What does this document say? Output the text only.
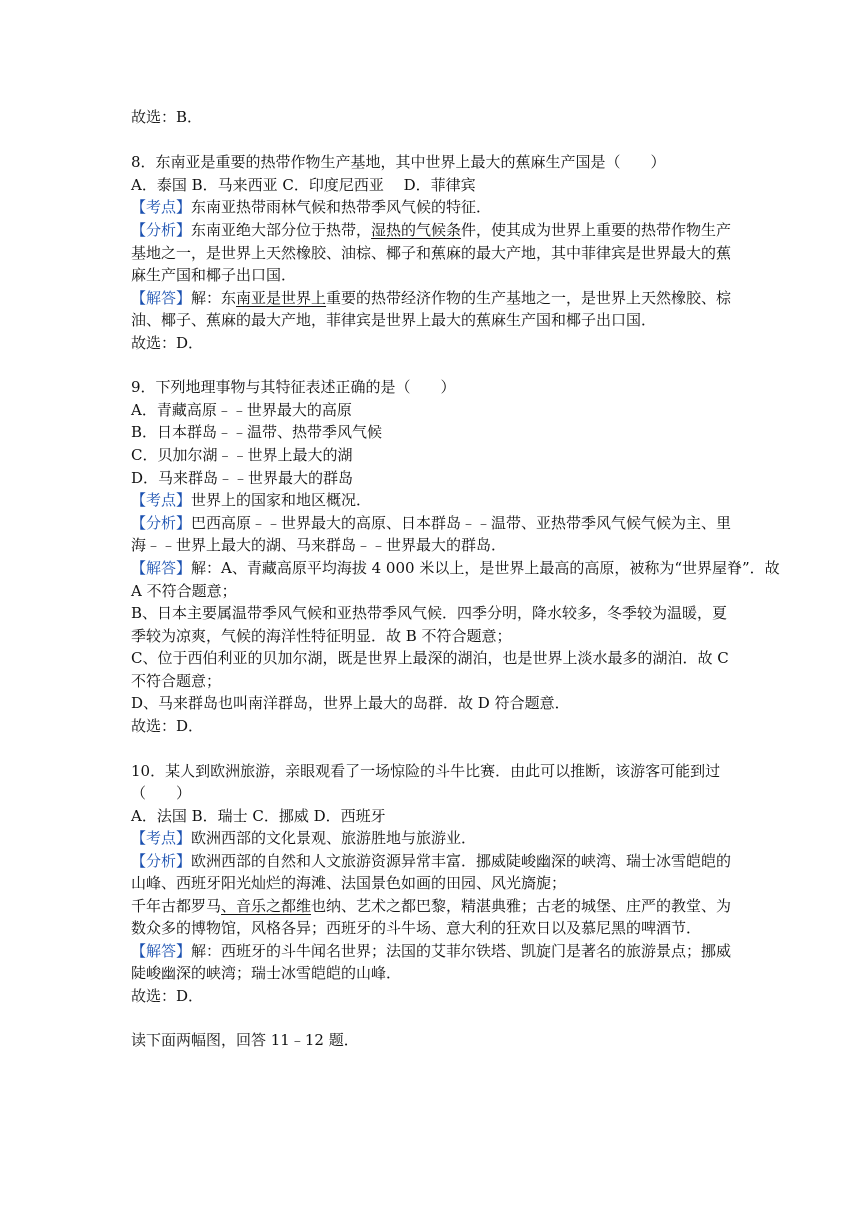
故选：B．
8．东南亚是重要的热带作物生产基地，其中世界上最大的蕉麻生产国是（　　）
A．泰国 B．马来西亚 C．印度尼西亚　 D．菲律宾
【考点】东南亚热带雨林气候和热带季风气候的特征．
【分析】东南亚绝大部分位于热带，湿热的气候条件，使其成为世界上重要的热带作物生产
基地之一，是世界上天然橡胶、油棕、椰子和蕉麻的最大产地，其中菲律宾是世界最大的蕉
麻生产国和椰子出口国．
【解答】解：东南亚是世界上重要的热带经济作物的生产基地之一，是世界上天然橡胶、棕
油、椰子、蕉麻的最大产地，菲律宾是世界上最大的蕉麻生产国和椰子出口国．
故选：D．
9．下列地理事物与其特征表述正确的是（　　）
A．青藏高原﹣﹣世界最大的高原
B．日本群岛﹣﹣温带、热带季风气候
C．贝加尔湖﹣﹣世界上最大的湖
D．马来群岛﹣﹣世界最大的群岛
【考点】世界上的国家和地区概况．
【分析】巴西高原﹣﹣世界最大的高原、日本群岛﹣﹣温带、亚热带季风气候气候为主、里
海﹣﹣世界上最大的湖、马来群岛﹣﹣世界最大的群岛．
【解答】解：A、青藏高原平均海拔 4 000 米以上，是世界上最高的高原，被称为“世界屋脊”．故
A 不符合题意；
B、日本主要属温带季风气候和亚热带季风气候．四季分明，降水较多，冬季较为温暖，夏
季较为凉爽，气候的海洋性特征明显．故 B 不符合题意；
C、位于西伯利亚的贝加尔湖，既是世界上最深的湖泊，也是世界上淡水最多的湖泊．故 C
不符合题意；
D、马来群岛也叫南洋群岛，世界上最大的岛群．故 D 符合题意．
故选：D．
10．某人到欧洲旅游，亲眼观看了一场惊险的斗牛比赛．由此可以推断，该游客可能到过
（　　）
A．法国 B．瑞士 C．挪威 D．西班牙
【考点】欧洲西部的文化景观、旅游胜地与旅游业．
【分析】欧洲西部的自然和人文旅游资源异常丰富．挪威陡峻幽深的峡湾、瑞士冰雪皑皑的
山峰、西班牙阳光灿烂的海滩、法国景色如画的田园、风光旖旎；
千年古都罗马、音乐之都维也纳、艺术之都巴黎，精湛典雅；古老的城堡、庄严的教堂、为
数众多的博物馆，风格各异；西班牙的斗牛场、意大利的狂欢日以及慕尼黑的啤酒节．
【解答】解：西班牙的斗牛闻名世界；法国的艾菲尔铁塔、凯旋门是著名的旅游景点；挪威
陡峻幽深的峡湾；瑞士冰雪皑皑的山峰．
故选：D．
读下面两幅图，回答 11﹣12 题．
